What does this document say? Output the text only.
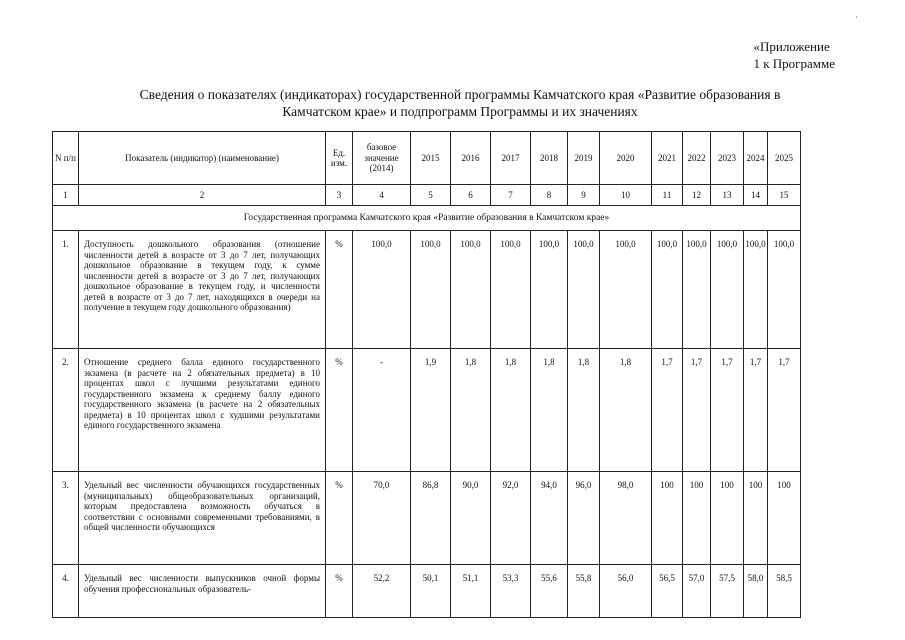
·
«Приложение
1 к Программе
Сведения о показателях (индикаторах) государственной программы Камчатского края «Развитие образования в
Камчатском крае» и подпрограмм Программы и их значениях
N п/п	Показатель (индикатор) (наименование)	Ед. изм.	базовое значение (2014)	2015	2016	2017	2018	2019	2020	2021	2022	2023	2024	2025
1	2	3	4	5	6	7	8	9	10	11	12	13	14	15
Государственная программа Камчатского края «Развитие образования в Камчатском крае»														
1.	Доступность дошкольного образования (отношение численности детей в возрасте от 3 до 7 лет, получающих дошкольное образование в текущем году, к сумме численности детей в возрасте от 3 до 7 лет, получающих дошкольное образование в текущем году, и численности детей в возрасте от 3 до 7 лет, находящихся в очереди на получение в текущем году дошкольного образования)	%	100,0	100,0	100,0	100,0	100,0	100,0	100,0	100,0	100,0	100,0	100,0	100,0
2.	Отношение среднего балла единого государственного экзамена (в расчете на 2 обязательных предмета) в 10 процентах школ с лучшими результатами единого государственного экзамена к среднему баллу единого государственного экзамена (в расчете на 2 обязательных предмета) в 10 процентах школ с худшими результатами единого государственного экзамена	%	-	1,9	1,8	1,8	1,8	1,8	1,8	1,7	1,7	1,7	1,7	1,7
3.	Удельный вес численности обучающихся государственных (муниципальных) общеобразовательных организаций, которым предоставлена возможность обучаться в соответствии с основными современными требованиями, в общей численности обучающихся	%	70,0	86,8	90,0	92,0	94,0	96,0	98,0	100	100	100	100	100
4.	Удельный вес численности выпускников очной формы обучения профессиональных образователь-	%	52,2	50,1	51,1	53,3	55,6	55,8	56,0	56,5	57,0	57,5	58,0	58,5
